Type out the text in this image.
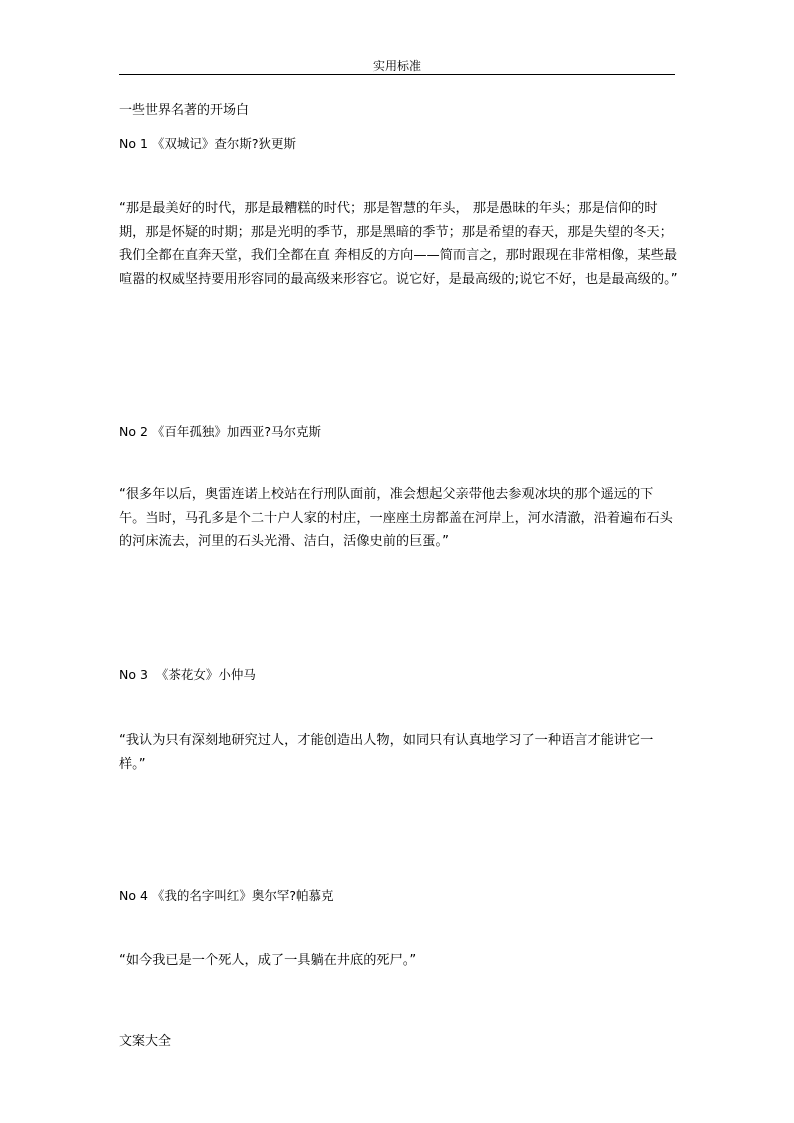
实用标准
一些世界名著的开场白
No 1 《双城记》查尔斯?狄更斯
“那是最美好的时代，那是最糟糕的时代；那是智慧的年头， 那是愚昧的年头；那是信仰的时期，那是怀疑的时期；那是光明的季节，那是黑暗的季节；那是希望的春天，那是失望的冬天；我们全都在直奔天堂，我们全都在直 奔相反的方向——简而言之，那时跟现在非常相像，某些最喧嚣的权威坚持要用形容同的最高级来形容它。说它好，是最高级的;说它不好，也是最高级的。”
No 2 《百年孤独》加西亚?马尔克斯
“很多年以后，奥雷连诺上校站在行刑队面前，准会想起父亲带他去参观冰块的那个遥远的下午。当时，马孔多是个二十户人家的村庄，一座座土房都盖在河岸上，河水清澈，沿着遍布石头的河床流去，河里的石头光滑、洁白，活像史前的巨蛋。”
No 3  《茶花女》小仲马
“我认为只有深刻地研究过人，才能创造出人物，如同只有认真地学习了一种语言才能讲它一样。”
No 4 《我的名字叫红》奥尔罕?帕慕克
“如今我已是一个死人，成了一具躺在井底的死尸。”
文案大全
